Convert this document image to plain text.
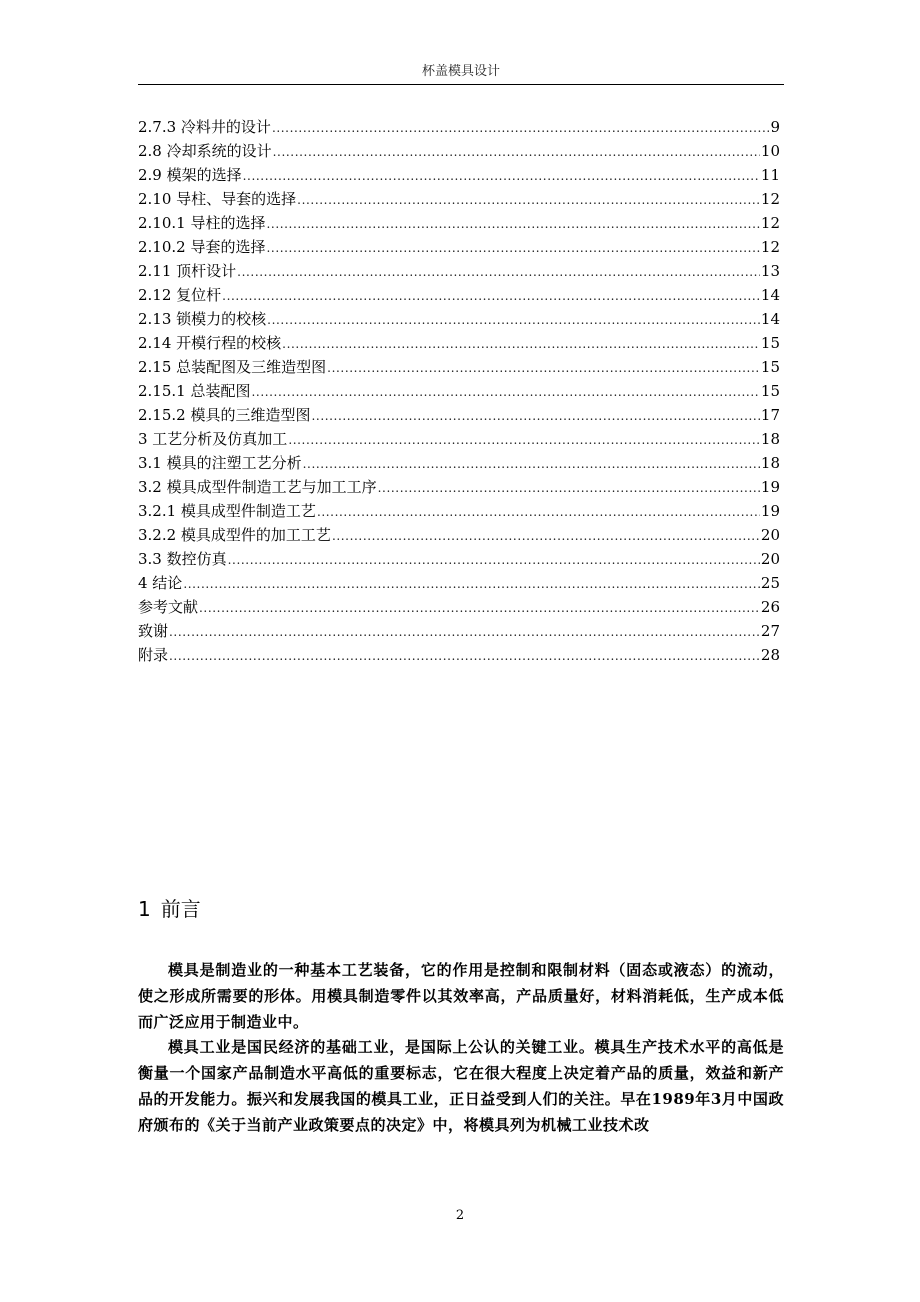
杯盖模具设计
2.7.3 冷料井的设计 .....	9
2.8 冷却系统的设计 .....	10
2.9 模架的选择 .....	11
2.10 导柱、导套的选择 .....	12
2.10.1 导柱的选择 .....	12
2.10.2 导套的选择 .....	12
2.11 顶杆设计 .....	13
2.12 复位杆 .....	14
2.13 锁模力的校核 .....	14
2.14 开模行程的校核 .....	15
2.15 总装配图及三维造型图 .....	15
2.15.1 总装配图 .....	15
2.15.2 模具的三维造型图 .....	17
3 工艺分析及仿真加工 .....	18
3.1 模具的注塑工艺分析 .....	18
3.2 模具成型件制造工艺与加工工序 .....	19
3.2.1 模具成型件制造工艺 .....	19
3.2.2 模具成型件的加工工艺 .....	20
3.3 数控仿真 .....	20
4 结论 .....	25
参考文献 .....	26
致谢 .....	27
附录 .....	28
1 前言

模具是制造业的一种基本工艺装备，它的作用是控制和限制材料（固态或液态）的流动，使之形成所需要的形体。用模具制造零件以其效率高，产品质量好，材料消耗低，生产成本低而广泛应用于制造业中。

模具工业是国民经济的基础工业，是国际上公认的关键工业。模具生产技术水平的高低是衡量一个国家产品制造水平高低的重要标志，它在很大程度上决定着产品的质量，效益和新产品的开发能力。振兴和发展我国的模具工业，正日益受到人们的关注。早在1989年3月中国政府颁布的《关于当前产业政策要点的决定》中，将模具列为机械工业技术改

2
